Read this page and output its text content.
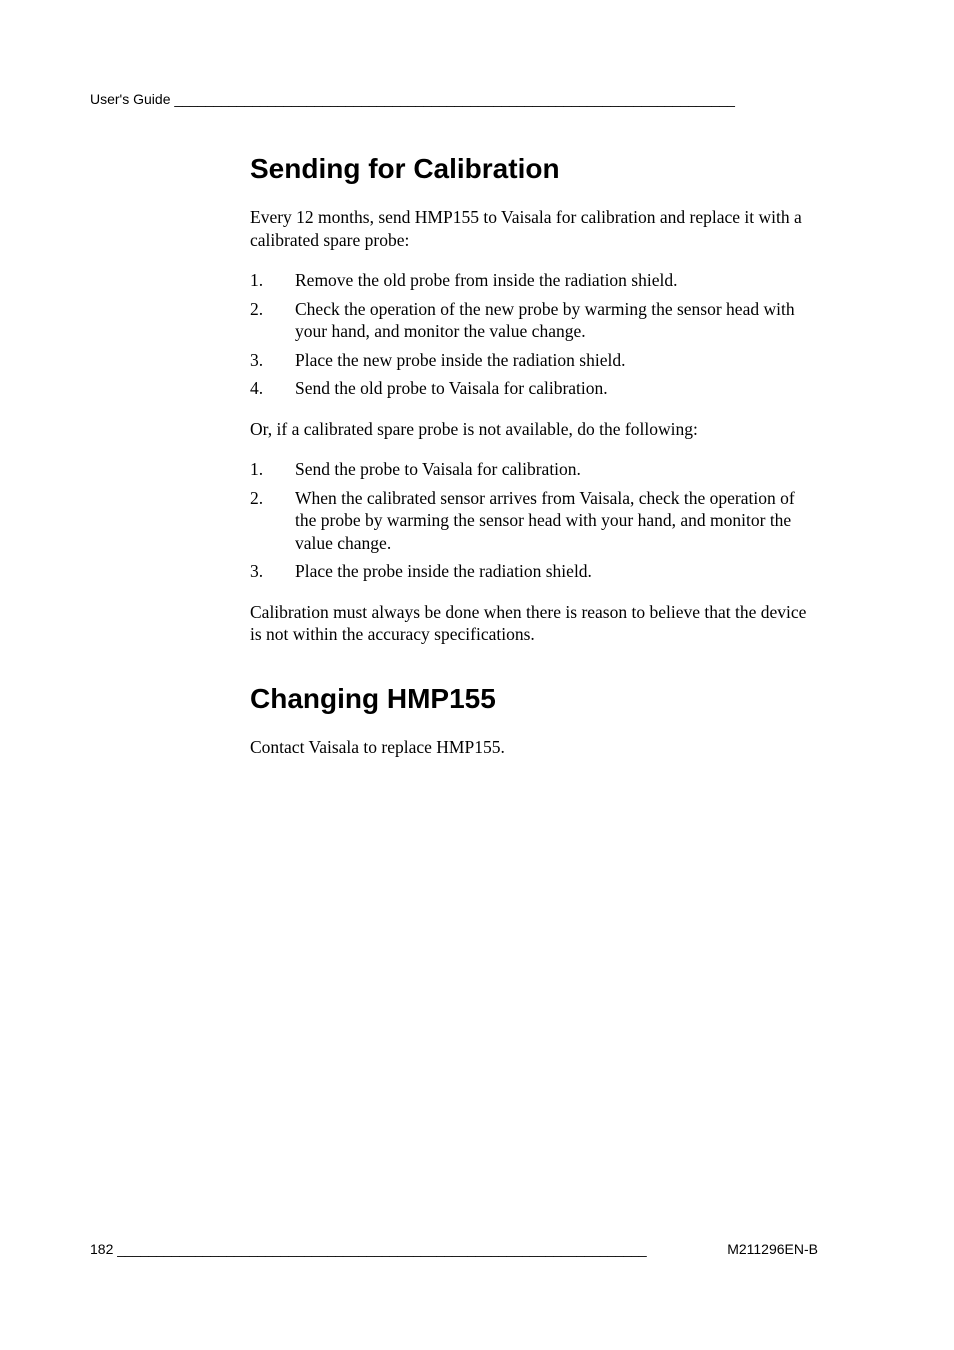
User's Guide ________________________________________________________________________
Sending for Calibration

Every 12 months, send HMP155 to Vaisala for calibration and replace it with a calibrated spare probe:

1. Remove the old probe from inside the radiation shield.
2. Check the operation of the new probe by warming the sensor head with your hand, and monitor the value change.
3. Place the new probe inside the radiation shield.
4. Send the old probe to Vaisala for calibration.

Or, if a calibrated spare probe is not available, do the following:

1. Send the probe to Vaisala for calibration.
2. When the calibrated sensor arrives from Vaisala, check the operation of the probe by warming the sensor head with your hand, and monitor the value change.
3. Place the probe inside the radiation shield.

Calibration must always be done when there is reason to believe that the device is not within the accuracy specifications.

Changing HMP155

Contact Vaisala to replace HMP155.

182 ____________________________________________________________________	M211296EN-B
